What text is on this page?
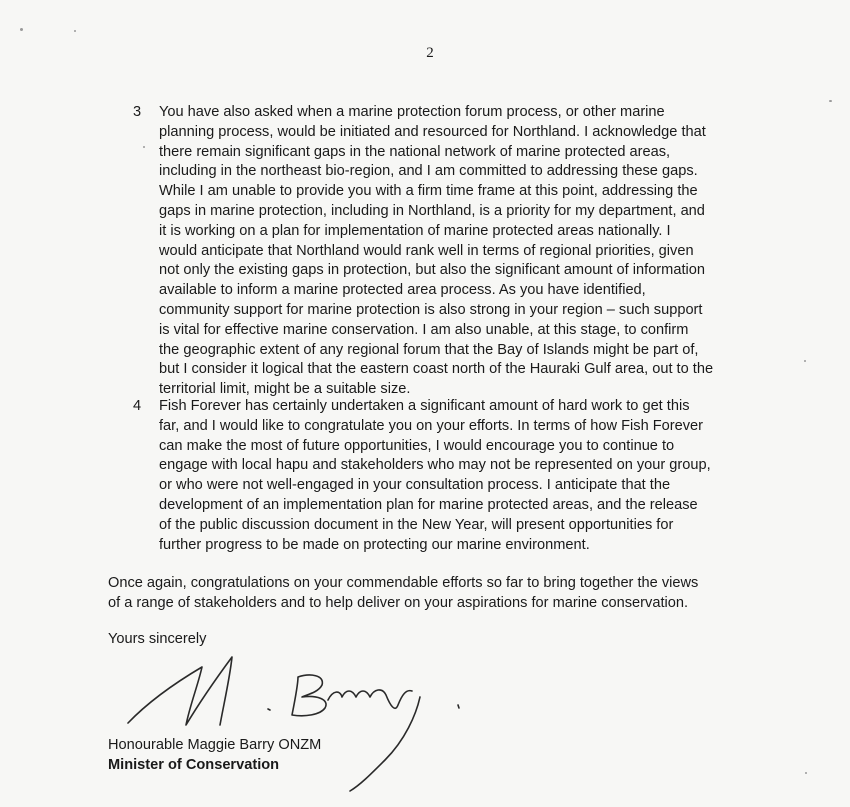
2
3 You have also asked when a marine protection forum process, or other marine
planning process, would be initiated and resourced for Northland. I acknowledge that
there remain significant gaps in the national network of marine protected areas,
including in the northeast bio-region, and I am committed to addressing these gaps.
While I am unable to provide you with a firm time frame at this point, addressing the
gaps in marine protection, including in Northland, is a priority for my department, and
it is working on a plan for implementation of marine protected areas nationally. I
would anticipate that Northland would rank well in terms of regional priorities, given
not only the existing gaps in protection, but also the significant amount of information
available to inform a marine protected area process. As you have identified,
community support for marine protection is also strong in your region – such support
is vital for effective marine conservation. I am also unable, at this stage, to confirm
the geographic extent of any regional forum that the Bay of Islands might be part of,
but I consider it logical that the eastern coast north of the Hauraki Gulf area, out to the
territorial limit, might be a suitable size.
4 Fish Forever has certainly undertaken a significant amount of hard work to get this
far, and I would like to congratulate you on your efforts. In terms of how Fish Forever
can make the most of future opportunities, I would encourage you to continue to
engage with local hapu and stakeholders who may not be represented on your group,
or who were not well-engaged in your consultation process. I anticipate that the
development of an implementation plan for marine protected areas, and the release
of the public discussion document in the New Year, will present opportunities for
further progress to be made on protecting our marine environment.
Once again, congratulations on your commendable efforts so far to bring together the views
of a range of stakeholders and to help deliver on your aspirations for marine conservation.
Yours sincerely
Honourable Maggie Barry ONZM
Minister of Conservation
